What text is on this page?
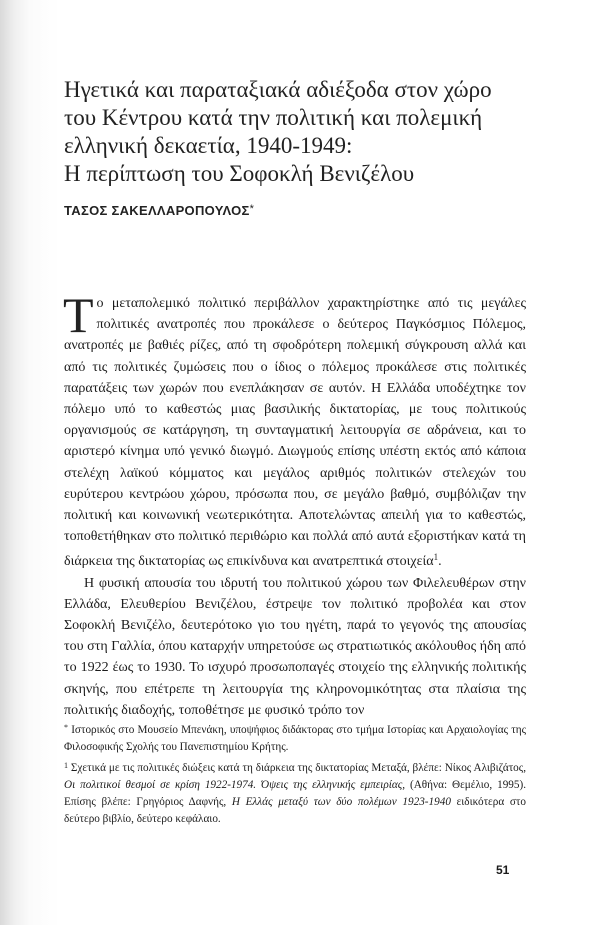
Ηγετικά και παραταξιακά αδιέξοδα στον χώρο
του Κέντρου κατά την πολιτική και πολεμική
ελληνική δεκαετία, 1940-1949:
Η περίπτωση του Σοφοκλή Βενιζέλου
ΤΑΣΟΣ ΣΑΚΕΛΛΑΡΟΠΟΥΛΟΣ*

Το μεταπολεμικό πολιτικό περιβάλλον χαρακτηρίστηκε από τις μεγάλες πολιτικές ανατροπές που προκάλεσε ο δεύτερος Παγκόσμιος Πόλεμος, ανατροπές με βαθιές ρίζες, από τη σφοδρότερη πολεμική σύγκρουση αλλά και από τις πολιτικές ζυμώσεις που ο ίδιος ο πόλεμος προκάλεσε στις πολιτικές παρατάξεις των χωρών που ενεπλάκησαν σε αυτόν. Η Ελλάδα υποδέχτηκε τον πόλεμο υπό το καθεστώς μιας βασιλικής δικτατορίας, με τους πολιτικούς οργανισμούς σε κατάργηση, τη συνταγματική λειτουργία σε αδράνεια, και το αριστερό κίνημα υπό γενικό διωγμό. Διωγμούς επίσης υπέστη εκτός από κάποια στελέχη λαϊκού κόμματος και μεγάλος αριθμός πολιτικών στελεχών του ευρύτερου κεντρώου χώρου, πρόσωπα που, σε μεγάλο βαθμό, συμβόλιζαν την πολιτική και κοινωνική νεωτερικότητα. Αποτελώντας απειλή για το καθεστώς, τοποθετήθηκαν στο πολιτικό περιθώριο και πολλά από αυτά εξοριστήκαν κατά τη διάρκεια της δικτατορίας ως επικίνδυνα και ανατρεπτικά στοιχεία$^1$.

Η φυσική απουσία του ιδρυτή του πολιτικού χώρου των Φιλελευθέρων στην Ελλάδα, Ελευθερίου Βενιζέλου, έστρεψε τον πολιτικό προβολέα και στον Σοφοκλή Βενιζέλο, δευτερότοκο γιο του ηγέτη, παρά το γεγονός της απουσίας του στη Γαλλία, όπου καταρχήν υπηρετούσε ως στρατιωτικός ακόλουθος ήδη από το 1922 έως το 1930. Το ισχυρό προσωποπαγές στοιχείο της ελληνικής πολιτικής σκηνής, που επέτρεπε τη λειτουργία της κληρονομικότητας στα πλαίσια της πολιτικής διαδοχής, τοποθέτησε με φυσικό τρόπο τον

* Ιστορικός στο Μουσείο Μπενάκη, υποψήφιος διδάκτορας στο τμήμα Ιστορίας και Αρχαιολογίας της Φιλοσοφικής Σχολής του Πανεπιστημίου Κρήτης.

$^1$ Σχετικά με τις πολιτικές διώξεις κατά τη διάρκεια της δικτατορίας Μεταξά, βλέπε: Νίκος Αλιβιζάτος, Οι πολιτικοί θεσμοί σε κρίση 1922-1974. Όψεις της ελληνικής εμπειρίας, (Αθήνα: Θεμέλιο, 1995). Επίσης βλέπε: Γρηγόριος Δαφνής, Η Ελλάς μεταξύ των δύο πολέμων 1923-1940 ειδικότερα στο δεύτερο βιβλίο, δεύτερο κεφάλαιο.

51
